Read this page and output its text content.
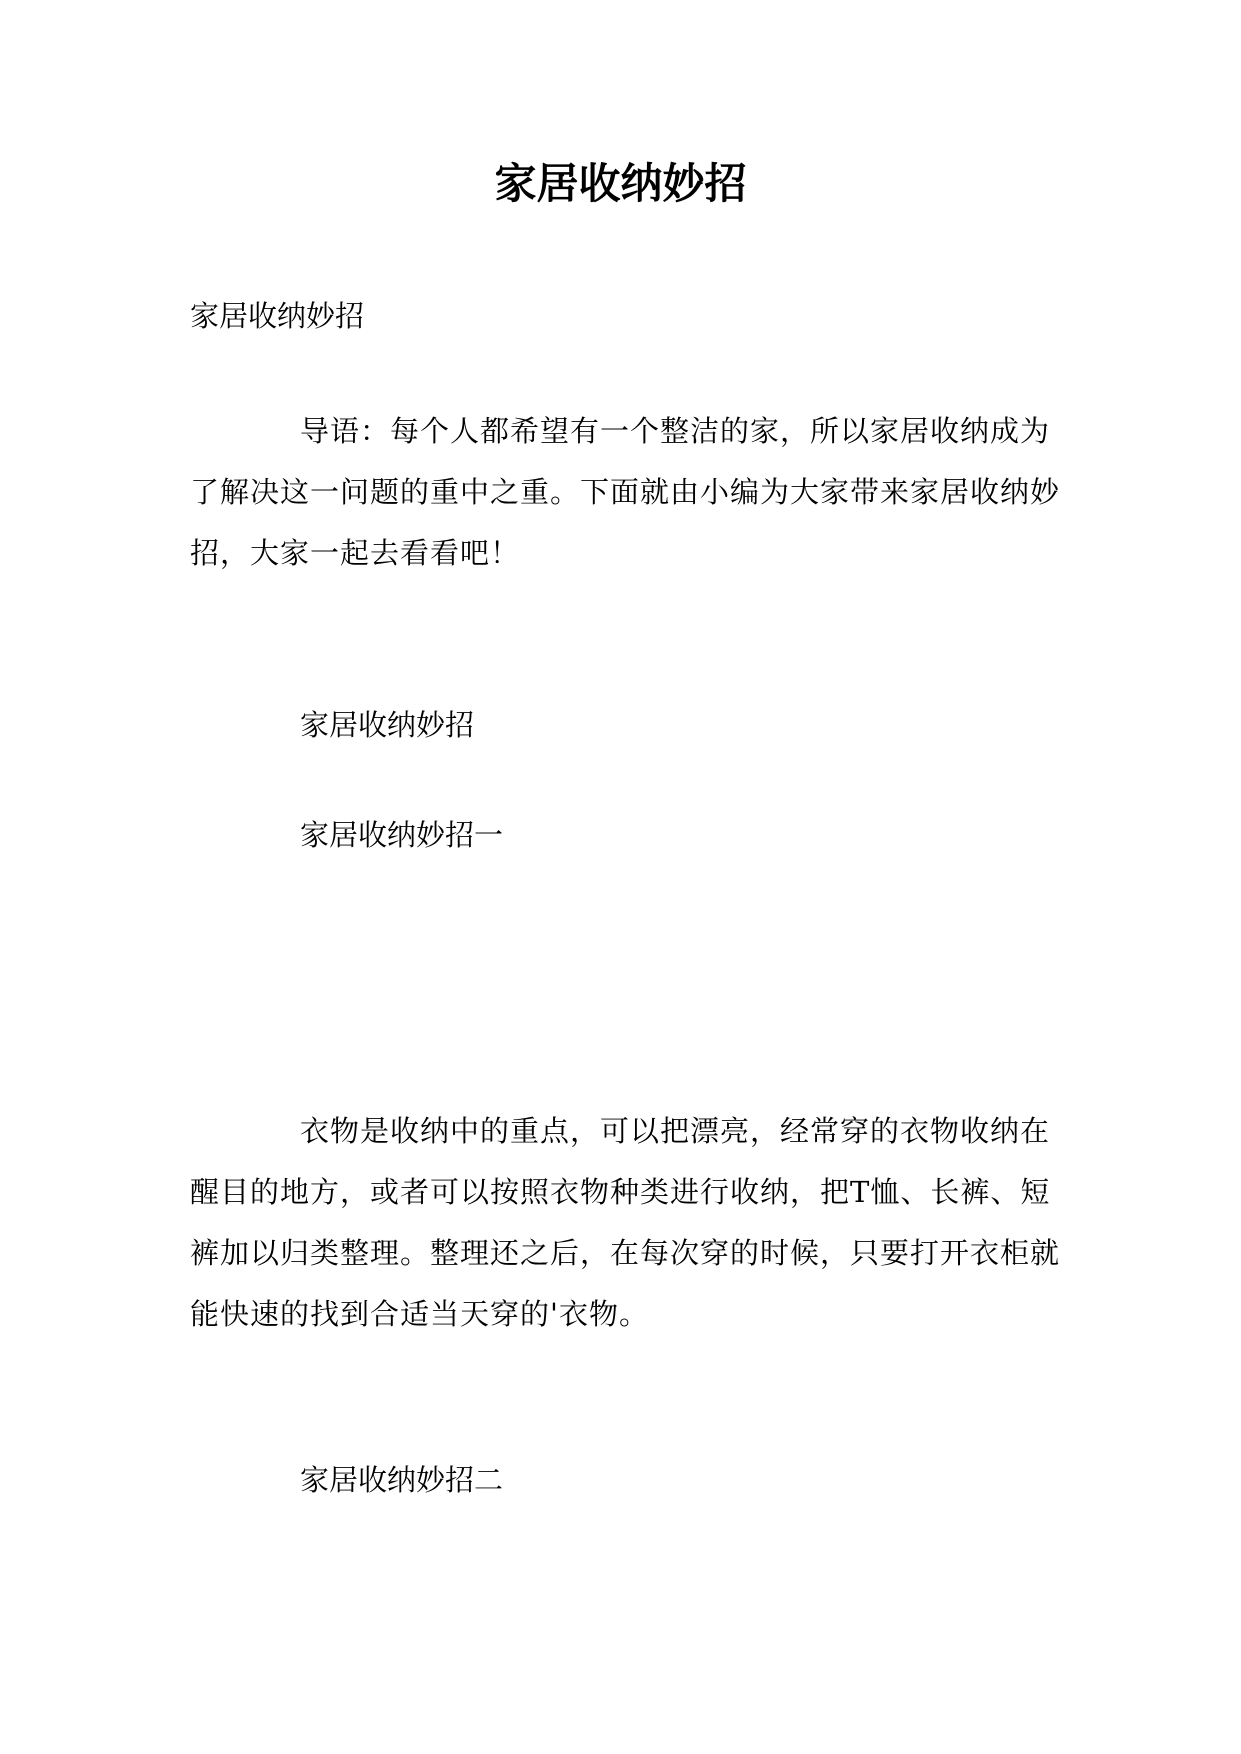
家居收纳妙招

家居收纳妙招

导语：每个人都希望有一个整洁的家，所以家居收纳成为了解决这一问题的重中之重。下面就由小编为大家带来家居收纳妙招，大家一起去看看吧！

家居收纳妙招

家居收纳妙招一

衣物是收纳中的重点，可以把漂亮，经常穿的衣物收纳在醒目的地方，或者可以按照衣物种类进行收纳，把T恤、长裤、短裤加以归类整理。整理还之后，在每次穿的时候，只要打开衣柜就能快速的找到合适当天穿的'衣物。

家居收纳妙招二
